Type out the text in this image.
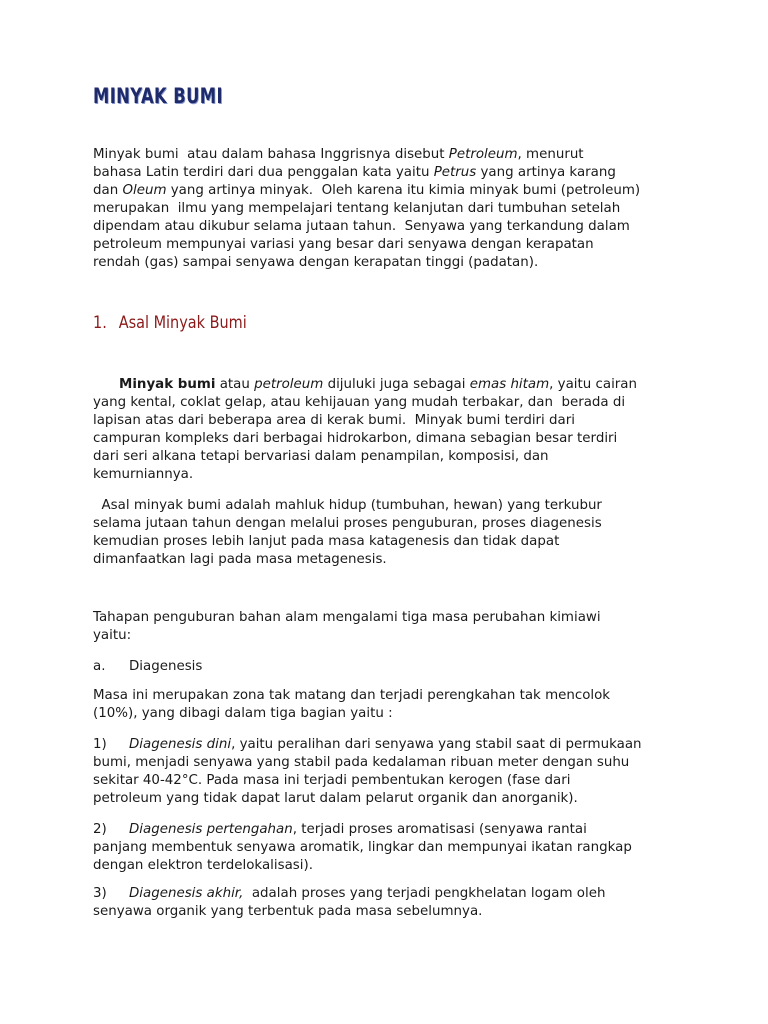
MINYAK BUMI
Minyak bumi  atau dalam bahasa Inggrisnya disebut Petroleum, menurut
bahasa Latin terdiri dari dua penggalan kata yaitu Petrus yang artinya karang
dan Oleum yang artinya minyak.  Oleh karena itu kimia minyak bumi (petroleum)
merupakan  ilmu yang mempelajari tentang kelanjutan dari tumbuhan setelah
dipendam atau dikubur selama jutaan tahun.  Senyawa yang terkandung dalam
petroleum mempunyai variasi yang besar dari senyawa dengan kerapatan
rendah (gas) sampai senyawa dengan kerapatan tinggi (padatan).
1. Asal Minyak Bumi
Minyak bumi atau petroleum dijuluki juga sebagai emas hitam, yaitu cairan
yang kental, coklat gelap, atau kehijauan yang mudah terbakar, dan  berada di
lapisan atas dari beberapa area di kerak bumi.  Minyak bumi terdiri dari
campuran kompleks dari berbagai hidrokarbon, dimana sebagian besar terdiri
dari seri alkana tetapi bervariasi dalam penampilan, komposisi, dan
kemurniannya.
Asal minyak bumi adalah mahluk hidup (tumbuhan, hewan) yang terkubur
selama jutaan tahun dengan melalui proses penguburan, proses diagenesis
kemudian proses lebih lanjut pada masa katagenesis dan tidak dapat
dimanfaatkan lagi pada masa metagenesis.
Tahapan penguburan bahan alam mengalami tiga masa perubahan kimiawi
yaitu:
a. Diagenesis
Masa ini merupakan zona tak matang dan terjadi perengkahan tak mencolok
(10%), yang dibagi dalam tiga bagian yaitu :
1) Diagenesis dini, yaitu peralihan dari senyawa yang stabil saat di permukaan
bumi, menjadi senyawa yang stabil pada kedalaman ribuan meter dengan suhu
sekitar 40-42°C. Pada masa ini terjadi pembentukan kerogen (fase dari
petroleum yang tidak dapat larut dalam pelarut organik dan anorganik).
2) Diagenesis pertengahan, terjadi proses aromatisasi (senyawa rantai
panjang membentuk senyawa aromatik, lingkar dan mempunyai ikatan rangkap
dengan elektron terdelokalisasi).
3) Diagenesis akhir,  adalah proses yang terjadi pengkhelatan logam oleh
senyawa organik yang terbentuk pada masa sebelumnya.
